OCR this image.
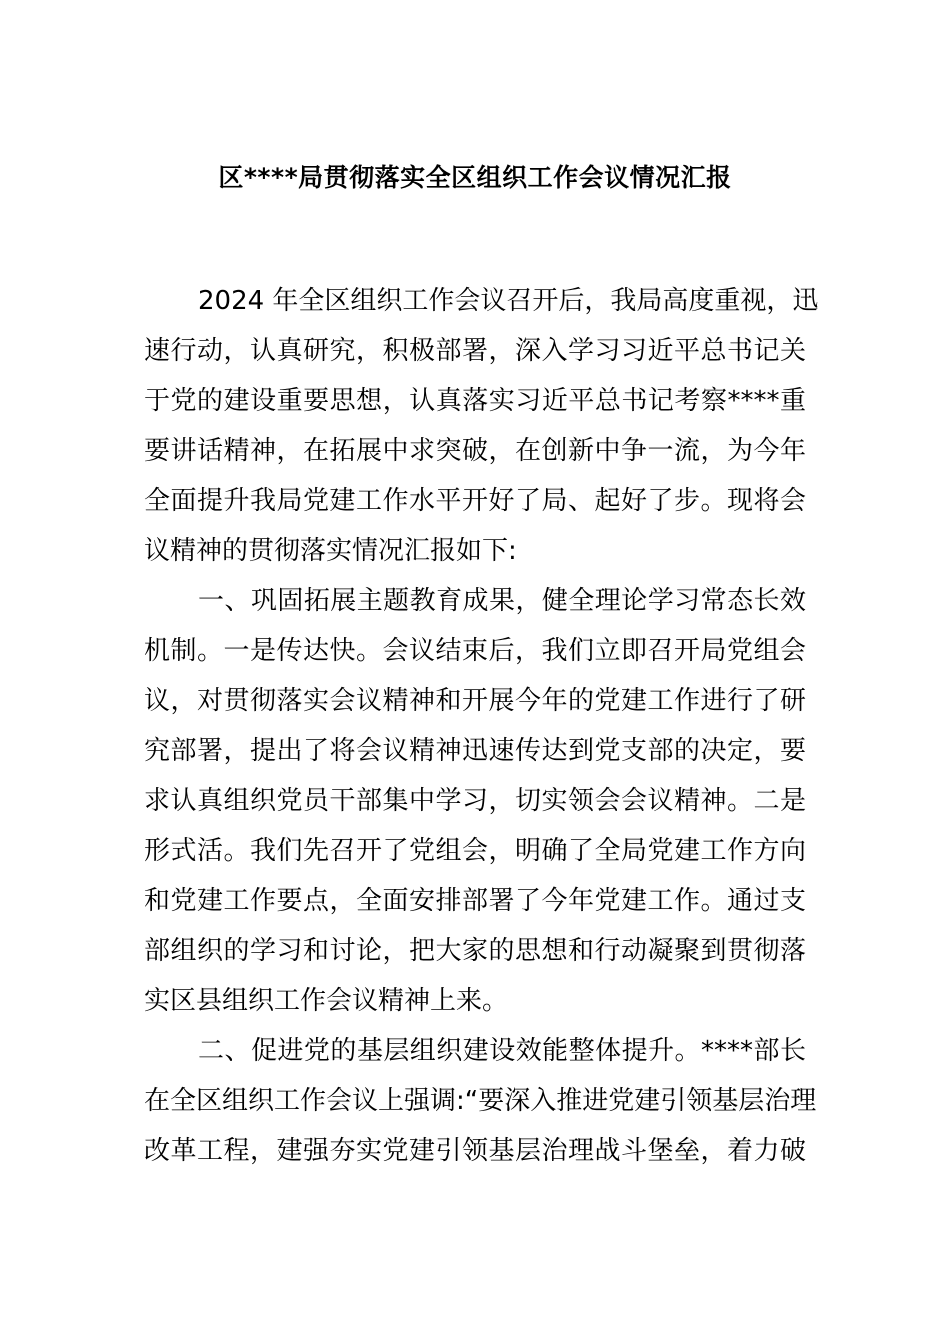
区****局贯彻落实全区组织工作会议情况汇报
2024 年全区组织工作会议召开后，我局高度重视，迅
速行动，认真研究，积极部署，深入学习习近平总书记关
于党的建设重要思想，认真落实习近平总书记考察****重
要讲话精神，在拓展中求突破，在创新中争一流，为今年
全面提升我局党建工作水平开好了局、起好了步。现将会
议精神的贯彻落实情况汇报如下:
一、巩固拓展主题教育成果，健全理论学习常态长效
机制。一是传达快。会议结束后，我们立即召开局党组会
议，对贯彻落实会议精神和开展今年的党建工作进行了研
究部署，提出了将会议精神迅速传达到党支部的决定，要
求认真组织党员干部集中学习，切实领会会议精神。二是
形式活。我们先召开了党组会，明确了全局党建工作方向
和党建工作要点，全面安排部署了今年党建工作。通过支
部组织的学习和讨论，把大家的思想和行动凝聚到贯彻落
实区县组织工作会议精神上来。
二、促进党的基层组织建设效能整体提升。****部长
在全区组织工作会议上强调:“要深入推进党建引领基层治理
改革工程，建强夯实党建引领基层治理战斗堡垒，着力破
